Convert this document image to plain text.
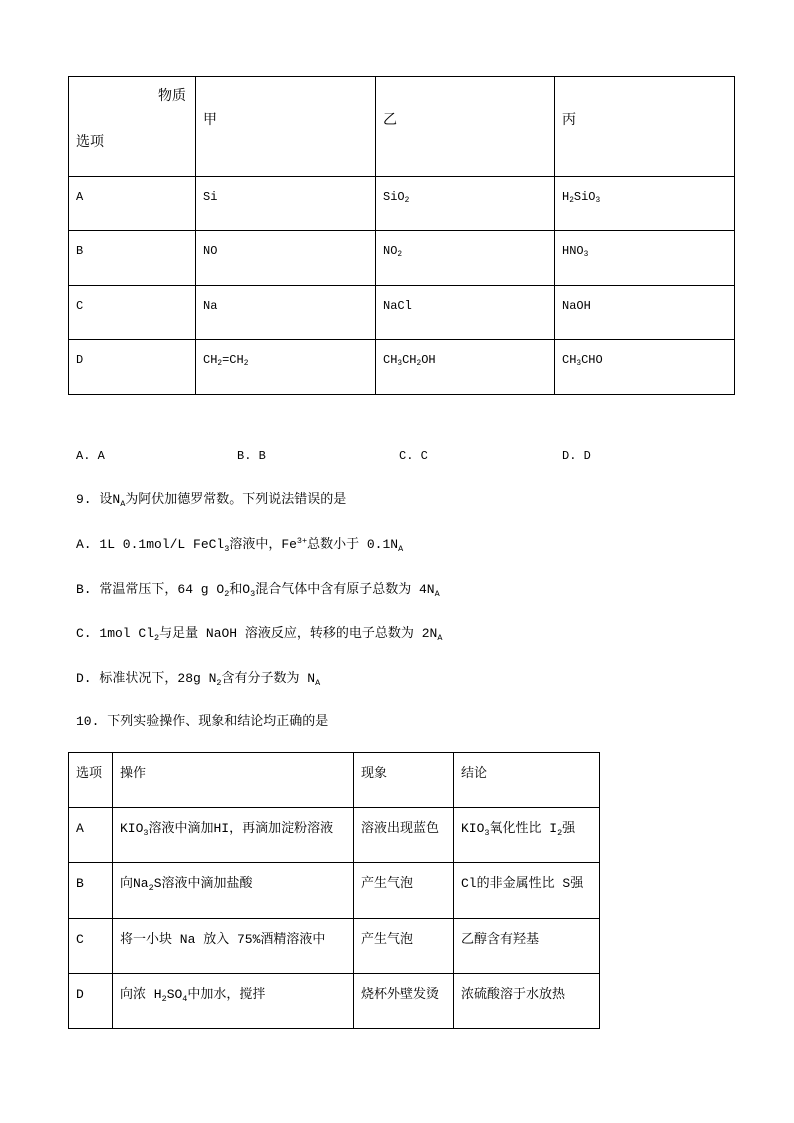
物质
选项	甲	乙	丙
A	Si	SiO$_2$	$H_2SiO_3$
B	NO	$NO_2$	$HNO_3$
C	Na	NaCl	NaOH
D	$CH_2=CH_2$	$CH_3CH_2OH$	$CH_3CHO$
A. A	B. B	C. C	D. D
9. 设$N_A$为阿伏加德罗常数。下列说法错误的是
A. 1L 0.1mol/L FeCl$_3$溶液中，$Fe^{3+}$总数小于 $0.1N_A$
B. 常温常压下，64 g $O_2$和$O_3$混合气体中含有原子总数为 $4N_A$
C. 1mol $Cl_2$与足量 NaOH 溶液反应，转移的电子总数为 $2N_A$
D. 标准状况下，28g $N_2$含有分子数为 $N_A$
10. 下列实验操作、现象和结论均正确的是
选项	操作	现象	结论
A	$KIO_3$溶液中滴加HI，再滴加淀粉溶液	溶液出现蓝色	$KIO_3$氧化性比 $I_2$强
B	向$Na_2S$溶液中滴加盐酸	产生气泡	Cl的非金属性比 S强
C	将一小块 Na 放入 75%酒精溶液中	产生气泡	乙醇含有羟基
D	向浓 $H_2SO_4$中加水，搅拌	烧杯外壁发烫	浓硫酸溶于水放热
